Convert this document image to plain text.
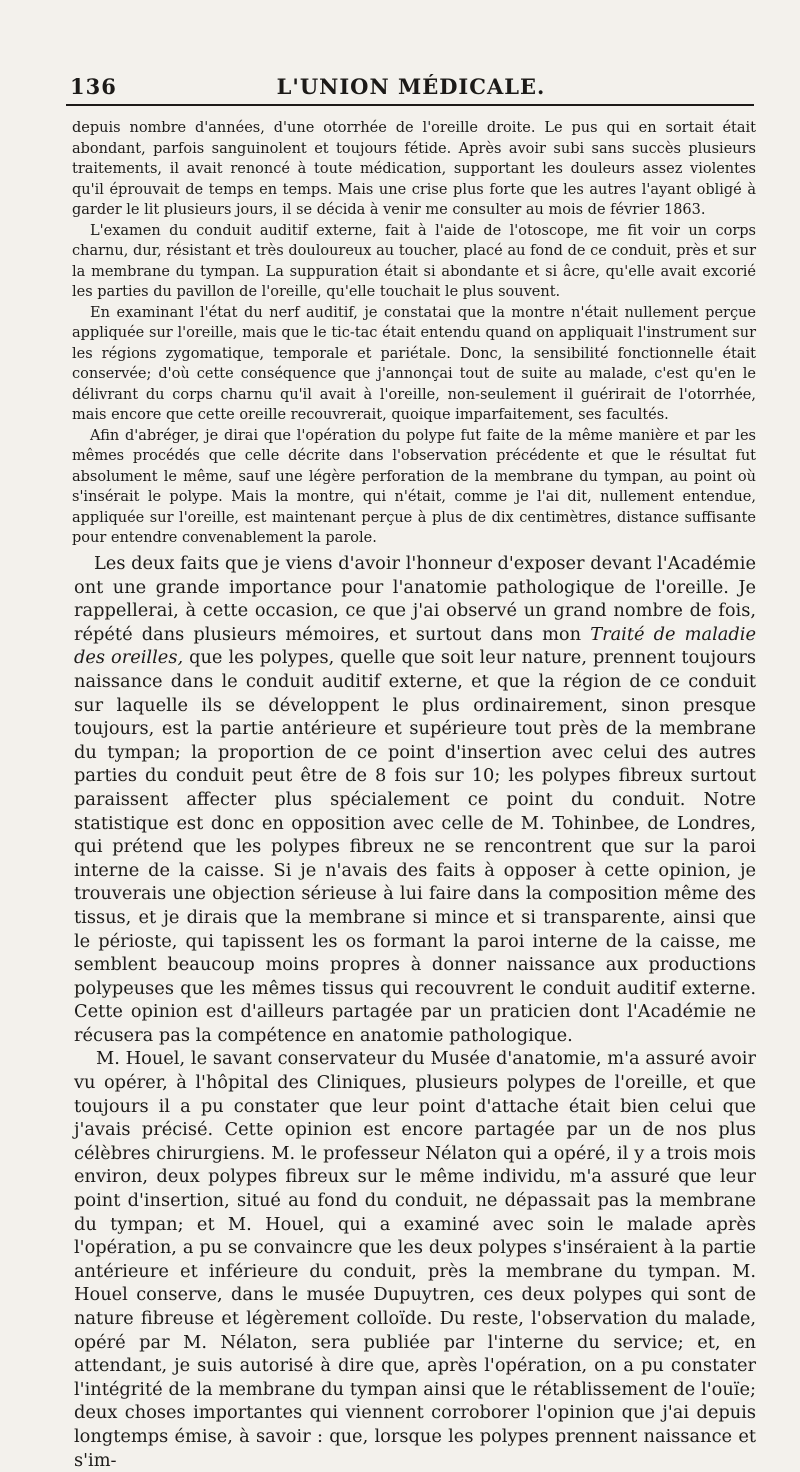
136	L'UNION MÉDICALE.

depuis nombre d'années, d'une otorrhée de l'oreille droite. Le pus qui en sortait était abondant, parfois sanguinolent et toujours fétide. Après avoir subi sans succès plusieurs traitements, il avait renoncé à toute médication, supportant les douleurs assez violentes qu'il éprouvait de temps en temps. Mais une crise plus forte que les autres l'ayant obligé à garder le lit plusieurs jours, il se décida à venir me consulter au mois de février 1863.

L'examen du conduit auditif externe, fait à l'aide de l'otoscope, me fit voir un corps charnu, dur, résistant et très douloureux au toucher, placé au fond de ce conduit, près et sur la membrane du tympan. La suppuration était si abondante et si âcre, qu'elle avait excorié les parties du pavillon de l'oreille, qu'elle touchait le plus souvent.

En examinant l'état du nerf auditif, je constatai que la montre n'était nullement perçue appliquée sur l'oreille, mais que le tic-tac était entendu quand on appliquait l'instrument sur les régions zygomatique, temporale et pariétale. Donc, la sensibilité fonctionnelle était conservée; d'où cette conséquence que j'annonçai tout de suite au malade, c'est qu'en le délivrant du corps charnu qu'il avait à l'oreille, non-seulement il guérirait de l'otorrhée, mais encore que cette oreille recouvrerait, quoique imparfaitement, ses facultés.

Afin d'abréger, je dirai que l'opération du polype fut faite de la même manière et par les mêmes procédés que celle décrite dans l'observation précédente et que le résultat fut absolument le même, sauf une légère perforation de la membrane du tympan, au point où s'insérait le polype. Mais la montre, qui n'était, comme je l'ai dit, nullement entendue, appliquée sur l'oreille, est maintenant perçue à plus de dix centimètres, distance suffisante pour entendre convenablement la parole.

Les deux faits que je viens d'avoir l'honneur d'exposer devant l'Académie ont une grande importance pour l'anatomie pathologique de l'oreille. Je rappellerai, à cette occasion, ce que j'ai observé un grand nombre de fois, répété dans plusieurs mémoires, et surtout dans mon Traité de maladie des oreilles, que les polypes, quelle que soit leur nature, prennent toujours naissance dans le conduit auditif externe, et que la région de ce conduit sur laquelle ils se développent le plus ordinairement, sinon presque toujours, est la partie antérieure et supérieure tout près de la membrane du tympan; la proportion de ce point d'insertion avec celui des autres parties du conduit peut être de 8 fois sur 10; les polypes fibreux surtout paraissent affecter plus spécialement ce point du conduit. Notre statistique est donc en opposition avec celle de M. Tohinbee, de Londres, qui prétend que les polypes fibreux ne se rencontrent que sur la paroi interne de la caisse. Si je n'avais des faits à opposer à cette opinion, je trouverais une objection sérieuse à lui faire dans la composition même des tissus, et je dirais que la membrane si mince et si transparente, ainsi que le périoste, qui tapissent les os formant la paroi interne de la caisse, me semblent beaucoup moins propres à donner naissance aux productions polypeuses que les mêmes tissus qui recouvrent le conduit auditif externe. Cette opinion est d'ailleurs partagée par un praticien dont l'Académie ne récusera pas la compétence en anatomie pathologique.

M. Houel, le savant conservateur du Musée d'anatomie, m'a assuré avoir vu opérer, à l'hôpital des Cliniques, plusieurs polypes de l'oreille, et que toujours il a pu constater que leur point d'attache était bien celui que j'avais précisé. Cette opinion est encore partagée par un de nos plus célèbres chirurgiens. M. le professeur Nélaton qui a opéré, il y a trois mois environ, deux polypes fibreux sur le même individu, m'a assuré que leur point d'insertion, situé au fond du conduit, ne dépassait pas la membrane du tympan; et M. Houel, qui a examiné avec soin le malade après l'opération, a pu se convaincre que les deux polypes s'inséraient à la partie antérieure et inférieure du conduit, près la membrane du tympan. M. Houel conserve, dans le musée Dupuytren, ces deux polypes qui sont de nature fibreuse et légèrement colloïde. Du reste, l'observation du malade, opéré par M. Nélaton, sera publiée par l'interne du service; et, en attendant, je suis autorisé à dire que, après l'opération, on a pu constater l'intégrité de la membrane du tympan ainsi que le rétablissement de l'ouïe; deux choses importantes qui viennent corroborer l'opinion que j'ai depuis longtemps émise, à savoir : que, lorsque les polypes prennent naissance et s'im-
